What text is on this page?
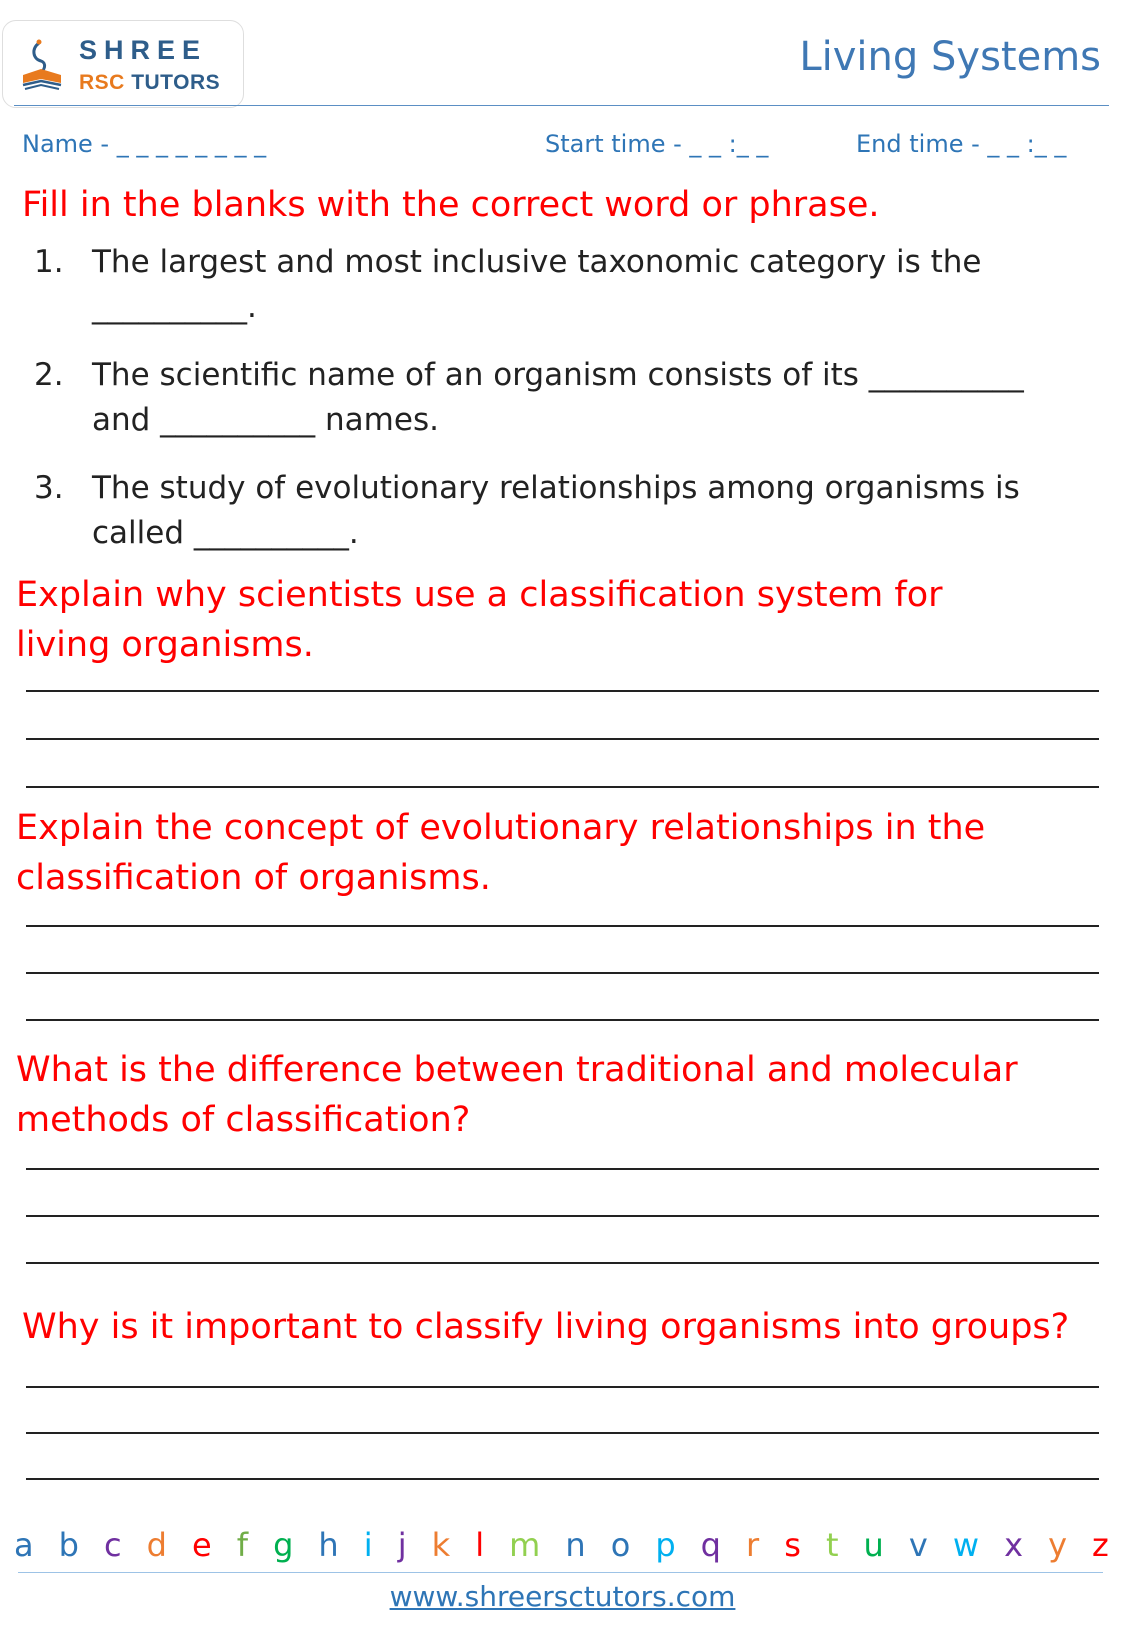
SHREE
RSC TUTORS
Living Systems
Name - _ _ _ _ _ _ _ _	Start time - _ _ :_ _	End time - _ _ :_ _

Fill in the blanks with the correct word or phrase.

1. The largest and most inclusive taxonomic category is the __________.
2. The scientific name of an organism consists of its __________ and __________ names.
3. The study of evolutionary relationships among organisms is called __________.

Explain why scientists use a classification system for living organisms.

Explain the concept of evolutionary relationships in the classification of organisms.

What is the difference between traditional and molecular methods of classification?

Why is it important to classify living organisms into groups?

a b c d e f g h i j k l m n o p q r s t u v w x y z
www.shreersctutors.com
